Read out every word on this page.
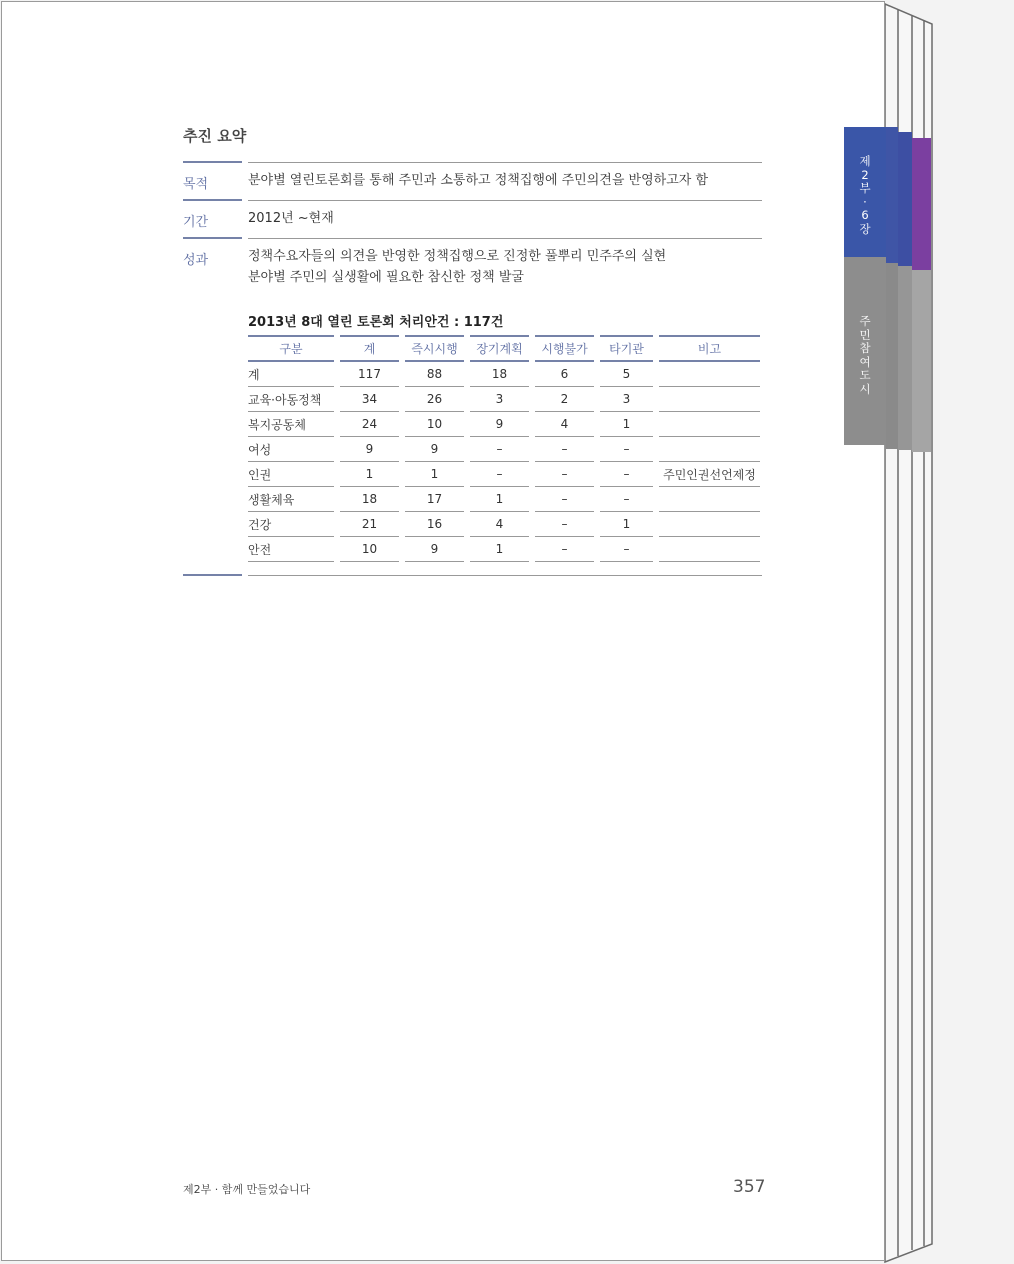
제
2
부
·
6
장
주
민
참
여
도
시
추진 요약
목적	분야별 열린토론회를 통해 주민과 소통하고 정책집행에 주민의견을 반영하고자 함
기간	2012년 ~현재
성과	정책수요자들의 의견을 반영한 정책집행으로 진정한 풀뿌리 민주주의 실현
분야별 주민의 실생활에 필요한 참신한 정책 발굴
2013년 8대 열린 토론회 처리안건 : 117건
구분	계	즉시시행	장기계획	시행불가	타기관	비고
계	117	88	18	6	5	
교육·아동정책	34	26	3	2	3	
복지공동체	24	10	9	4	1	
여성	9	9	–	–	–	
인권	1	1	–	–	–	주민인권선언제정
생활체육	18	17	1	–	–	
건강	21	16	4	–	1	
안전	10	9	1	–	–	
제2부 · 함께 만들었습니다	357
